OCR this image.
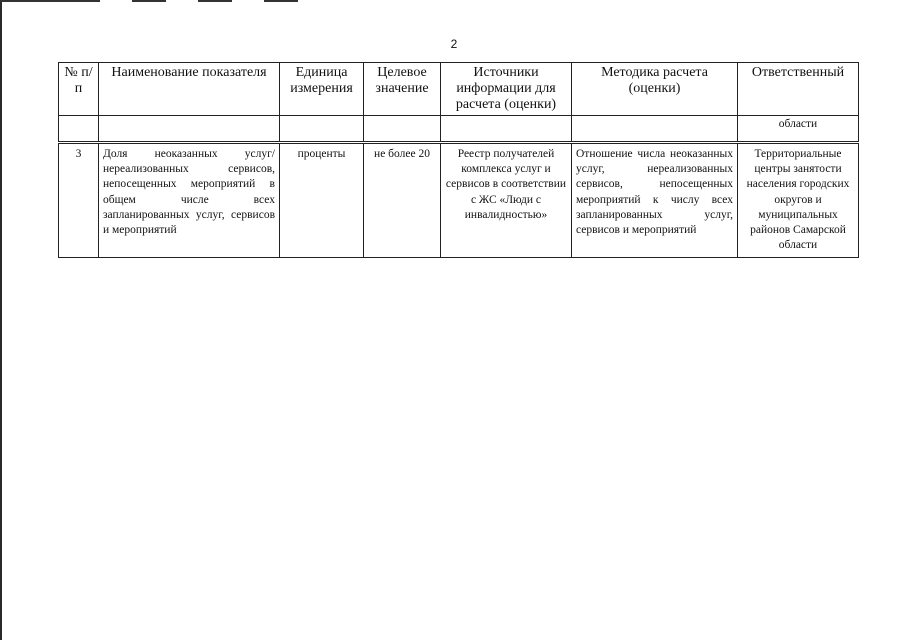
2
№ п/п	Наименование показателя	Единица измерения	Целевое значение	Источники информации для расчета (оценки)	Методика расчета (оценки)	Ответственный
						области
3	Доля неоказанных услуг/ нереализованных сервисов, непосещенных мероприятий в общем числе всех запланированных услуг, сервисов и мероприятий	проценты	не более 20	Реестр получателей комплекса услуг и сервисов в соответствии с ЖС «Люди с инвалидностью»	Отношение числа неоказанных услуг, нереализованных сервисов, непосещенных мероприятий к числу всех запланированных услуг, сервисов и мероприятий	Территориальные центры занятости населения городских округов и муниципальных районов Самарской области
